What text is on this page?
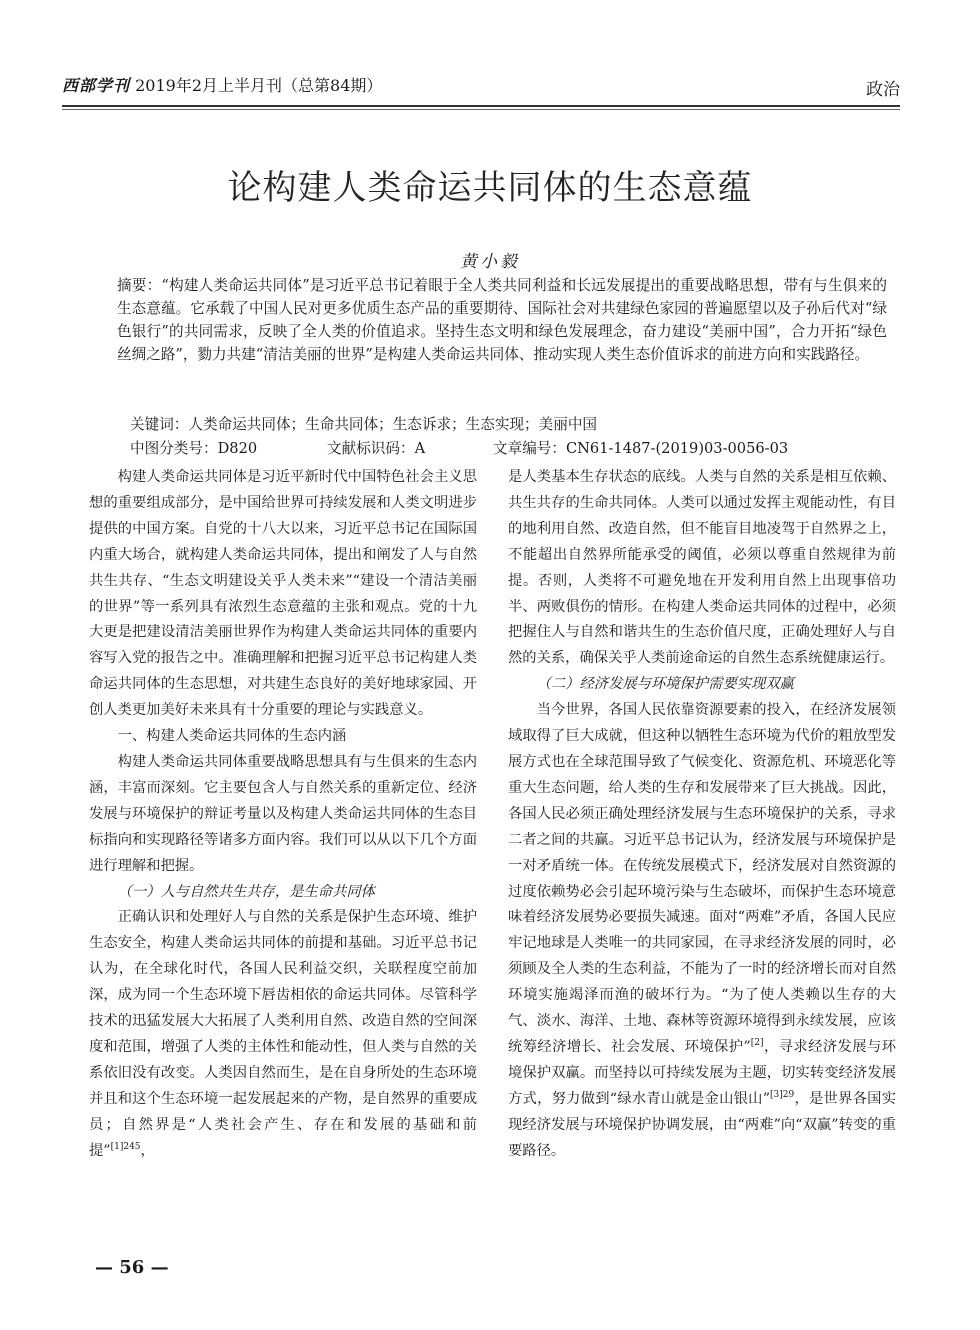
西部学刊 2019年2月上半月刊（总第84期）	政治
论构建人类命运共同体的生态意蕴
黄小毅
摘要：“构建人类命运共同体”是习近平总书记着眼于全人类共同利益和长远发展提出的重要战略思想，带有与生俱来的生态意蕴。它承载了中国人民对更多优质生态产品的重要期待、国际社会对共建绿色家园的普遍愿望以及子孙后代对“绿色银行”的共同需求，反映了全人类的价值追求。坚持生态文明和绿色发展理念，奋力建设“美丽中国”，合力开拓“绿色丝绸之路”，勠力共建“清洁美丽的世界”是构建人类命运共同体、推动实现人类生态价值诉求的前进方向和实践路径。
关键词：人类命运共同体；生命共同体；生态诉求；生态实现；美丽中国
中图分类号：D820	文献标识码：A	文章编号：CN61-1487-(2019)03-0056-03

构建人类命运共同体是习近平新时代中国特色社会主义思想的重要组成部分，是中国给世界可持续发展和人类文明进步提供的中国方案。自党的十八大以来，习近平总书记在国际国内重大场合，就构建人类命运共同体，提出和阐发了人与自然共生共存、“生态文明建设关乎人类未来”“建设一个清洁美丽的世界”等一系列具有浓烈生态意蕴的主张和观点。党的十九大更是把建设清洁美丽世界作为构建人类命运共同体的重要内容写入党的报告之中。准确理解和把握习近平总书记构建人类命运共同体的生态思想，对共建生态良好的美好地球家园、开创人类更加美好未来具有十分重要的理论与实践意义。

一、构建人类命运共同体的生态内涵

构建人类命运共同体重要战略思想具有与生俱来的生态内涵，丰富而深刻。它主要包含人与自然关系的重新定位、经济发展与环境保护的辩证考量以及构建人类命运共同体的生态目标指向和实现路径等诸多方面内容。我们可以从以下几个方面进行理解和把握。

（一）人与自然共生共存，是生命共同体

正确认识和处理好人与自然的关系是保护生态环境、维护生态安全，构建人类命运共同体的前提和基础。习近平总书记认为，在全球化时代，各国人民利益交织，关联程度空前加深，成为同一个生态环境下唇齿相依的命运共同体。尽管科学技术的迅猛发展大大拓展了人类利用自然、改造自然的空间深度和范围，增强了人类的主体性和能动性，但人类与自然的关系依旧没有改变。人类因自然而生，是在自身所处的生态环境并且和这个生态环境一起发展起来的产物，是自然界的重要成员；自然界是“人类社会产生、存在和发展的基础和前提”$^{[1]245}$，

是人类基本生存状态的底线。人类与自然的关系是相互依赖、共生共存的生命共同体。人类可以通过发挥主观能动性，有目的地利用自然、改造自然，但不能盲目地凌驾于自然界之上，不能超出自然界所能承受的阈值，必须以尊重自然规律为前提。否则，人类将不可避免地在开发利用自然上出现事倍功半、两败俱伤的情形。在构建人类命运共同体的过程中，必须把握住人与自然和谐共生的生态价值尺度，正确处理好人与自然的关系，确保关乎人类前途命运的自然生态系统健康运行。

（二）经济发展与环境保护需要实现双赢

当今世界，各国人民依靠资源要素的投入，在经济发展领域取得了巨大成就，但这种以牺牲生态环境为代价的粗放型发展方式也在全球范围导致了气候变化、资源危机、环境恶化等重大生态问题，给人类的生存和发展带来了巨大挑战。因此，各国人民必须正确处理经济发展与生态环境保护的关系，寻求二者之间的共赢。习近平总书记认为，经济发展与环境保护是一对矛盾统一体。在传统发展模式下，经济发展对自然资源的过度依赖势必会引起环境污染与生态破坏，而保护生态环境意味着经济发展势必要损失减速。面对“两难”矛盾，各国人民应牢记地球是人类唯一的共同家园，在寻求经济发展的同时，必须顾及全人类的生态利益，不能为了一时的经济增长而对自然环境实施竭泽而渔的破坏行为。“为了使人类赖以生存的大气、淡水、海洋、土地、森林等资源环境得到永续发展，应该统筹经济增长、社会发展、环境保护”[2]，寻求经济发展与环境保护双赢。而坚持以可持续发展为主题，切实转变经济发展方式，努力做到“绿水青山就是金山银山”$^{[3]29}$，是世界各国实现经济发展与环境保护协调发展，由“两难”向“双赢”转变的重要路径。

— 56 —
